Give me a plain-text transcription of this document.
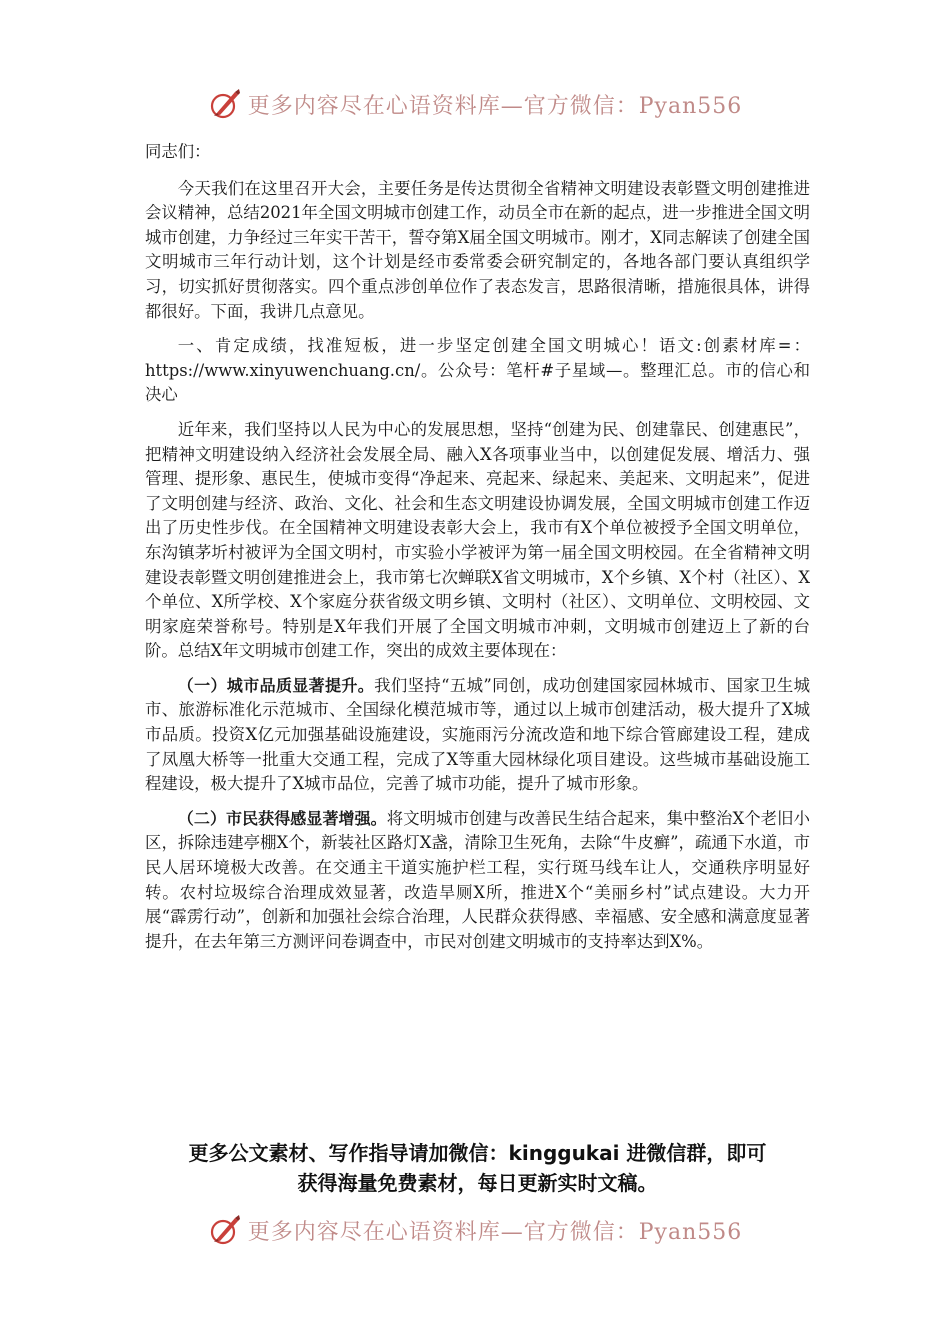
更多内容尽在心语资料库—官方微信：Pyan556

同志们：

今天我们在这里召开大会，主要任务是传达贯彻全省精神文明建设表彰暨文明创建推进会议精神，总结2021年全国文明城市创建工作，动员全市在新的起点，进一步推进全国文明城市创建，力争经过三年实干苦干，誓夺第X届全国文明城市。刚才，X同志解读了创建全国文明城市三年行动计划，这个计划是经市委常委会研究制定的，各地各部门要认真组织学习，切实抓好贯彻落实。四个重点涉创单位作了表态发言，思路很清晰，措施很具体，讲得都很好。下面，我讲几点意见。

一、肯定成绩，找准短板，进一步坚定创建全国文明城心！语文:创素材库=：https://www.xinyuwenchuang.cn/。公众号：笔杆#子星域—。整理汇总。市的信心和决心

近年来，我们坚持以人民为中心的发展思想，坚持“创建为民、创建靠民、创建惠民”，把精神文明建设纳入经济社会发展全局、融入X各项事业当中，以创建促发展、增活力、强管理、提形象、惠民生，使城市变得“净起来、亮起来、绿起来、美起来、文明起来”，促进了文明创建与经济、政治、文化、社会和生态文明建设协调发展，全国文明城市创建工作迈出了历史性步伐。在全国精神文明建设表彰大会上，我市有X个单位被授予全国文明单位，东沟镇茅圻村被评为全国文明村，市实验小学被评为第一届全国文明校园。在全省精神文明建设表彰暨文明创建推进会上，我市第七次蝉联X省文明城市，X个乡镇、X个村（社区）、X个单位、X所学校、X个家庭分获省级文明乡镇、文明村（社区）、文明单位、文明校园、文明家庭荣誉称号。特别是X年我们开展了全国文明城市冲刺，文明城市创建迈上了新的台阶。总结X年文明城市创建工作，突出的成效主要体现在：

（一）城市品质显著提升。我们坚持“五城”同创，成功创建国家园林城市、国家卫生城市、旅游标准化示范城市、全国绿化模范城市等，通过以上城市创建活动，极大提升了X城市品质。投资X亿元加强基础设施建设，实施雨污分流改造和地下综合管廊建设工程，建成了凤凰大桥等一批重大交通工程，完成了X等重大园林绿化项目建设。这些城市基础设施工程建设，极大提升了X城市品位，完善了城市功能，提升了城市形象。

（二）市民获得感显著增强。将文明城市创建与改善民生结合起来，集中整治X个老旧小区，拆除违建亭棚X个，新装社区路灯X盏，清除卫生死角，去除“牛皮癣”，疏通下水道，市民人居环境极大改善。在交通主干道实施护栏工程，实行斑马线车让人，交通秩序明显好转。农村垃圾综合治理成效显著，改造旱厕X所，推进X个“美丽乡村”试点建设。大力开展“霹雳行动”，创新和加强社会综合治理，人民群众获得感、幸福感、安全感和满意度显著提升，在去年第三方测评问卷调查中，市民对创建文明城市的支持率达到X%。

更多公文素材、写作指导请加微信：kinggukai 进微信群，即可
获得海量免费素材，每日更新实时文稿。
更多内容尽在心语资料库—官方微信：Pyan556
